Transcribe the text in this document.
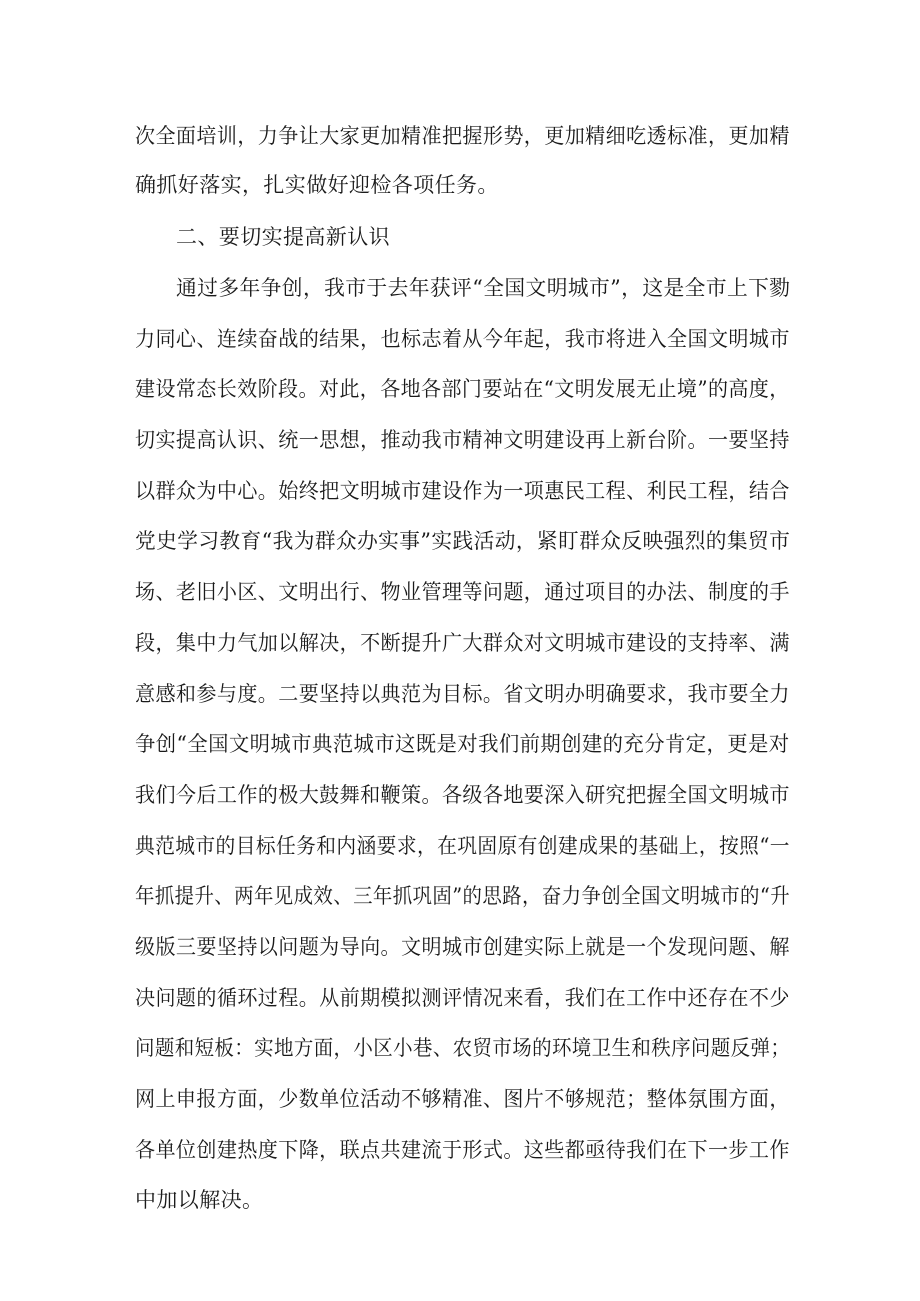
次全面培训，力争让大家更加精准把握形势，更加精细吃透标准，更加精
确抓好落实，扎实做好迎检各项任务。
二、要切实提高新认识
通过多年争创，我市于去年获评“全国文明城市”，这是全市上下勠
力同心、连续奋战的结果，也标志着从今年起，我市将进入全国文明城市
建设常态长效阶段。对此，各地各部门要站在“文明发展无止境”的高度，
切实提高认识、统一思想，推动我市精神文明建设再上新台阶。一要坚持
以群众为中心。始终把文明城市建设作为一项惠民工程、利民工程，结合
党史学习教育“我为群众办实事”实践活动，紧盯群众反映强烈的集贸市
场、老旧小区、文明出行、物业管理等问题，通过项目的办法、制度的手
段，集中力气加以解决，不断提升广大群众对文明城市建设的支持率、满
意感和参与度。二要坚持以典范为目标。省文明办明确要求，我市要全力
争创“全国文明城市典范城市这既是对我们前期创建的充分肯定，更是对
我们今后工作的极大鼓舞和鞭策。各级各地要深入研究把握全国文明城市
典范城市的目标任务和内涵要求，在巩固原有创建成果的基础上，按照“一
年抓提升、两年见成效、三年抓巩固”的思路，奋力争创全国文明城市的“升
级版三要坚持以问题为导向。文明城市创建实际上就是一个发现问题、解
决问题的循环过程。从前期模拟测评情况来看，我们在工作中还存在不少
问题和短板：实地方面，小区小巷、农贸市场的环境卫生和秩序问题反弹；
网上申报方面，少数单位活动不够精准、图片不够规范；整体氛围方面，
各单位创建热度下降，联点共建流于形式。这些都亟待我们在下一步工作
中加以解决。
